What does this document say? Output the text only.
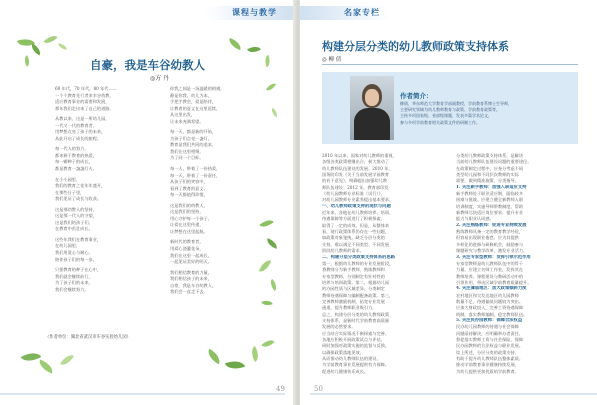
课程与教学
自豪，我是车谷幼教人
◎方 丹
60 年代，70 年代，80 年代……
一个个教育先行者来幸谷幼教，
适应教育事业的需要和发展，
那年我们走出来了自己的道路。
从教以来，这是一所幼儿园，
一代又一代的教育者，
用梦想点亮了孩子的未来，
从此开启了成长的旅程。
每一代人的努力，
都来源于教育的热爱，
每一颗种子的成长，
都是教育一盏盏灯火。
在小小园里，
我们的教育之花年年盛开，
在那些日子里，
我们见证了成长与收获。
这是那幼教人的坚持，
这是那一代人的守望，
这是我们的孩子们，
在教育中茁壮成长。
这些年我们在教育事业，
在幼儿园里，
我们用爱心与耐心，
陪伴孩子们的每一步。
只要教育的种子在心中，
我们就会继续前行，
为了孩子们的未来，
我们会继续努力。
你我之间是一场温暖的相遇，
静是你我，幼儿为本，
手把手教会，爱是陪伴，
让教育的意义在这里延续，
从这里出发，
让未来充满希望。
每一天，都是新的开始，
为孩子们点亮一盏灯，
教育是我们共同的追求，
我们在这里相聚，
为了同一个目标。
每一人，带着了一份热爱，
每一天，带着了一份责任，
从孩子们的笑容中，
看到了教育的意义，
每一天都值得珍惜。
这是我们的幼教人，
这是我们的坚持，
用心守护每一个孩子，
让爱在这里传递，
让梦想在这里起航。
新时代的教育者，
用爱心浇灌花朵，
我们在这里一起成长，
一起见证美好的明天。
我们相信教育的力量，
我们相信孩子的未来，
自豪，我是车谷幼教人，
我们会一直走下去。
（作者单位：湖北省武汉市车谷实验幼儿园）
49
名家专栏
50
构建分层分类的幼儿教师政策支持体系
◎ 柳 倩
作者简介：
柳倩，华东师范大学教育学部副教授，学前教育系博士生导师，
主要研究领域为幼儿教师教育与政策、学前教育政策等。
主持多项国家级、省部级课题，发表多篇学术论文，
参与多项学前教育相关政策文件的研制工作。
2010 年以来，国家对幼儿教师的重视，
各级各类政策相继出台，极大推动了
幼儿教师队伍建设的发展。2010 年，
国务院印发《关于当前发展学前教育
的若干意见》，明确提出加强幼儿教
师队伍建设；2012 年，教育部印发
《幼儿园教师专业标准（试行）》，
对幼儿园教师专业素养提出基本要求。
一、幼儿教师政策支持的现状与问题
近年来，各地在幼儿教师培养、培训、
待遇保障等方面进行了积极探索，
取得了一定的成效。但是，从整体来
看，现行政策体系仍存在一些问题，
如政策对象笼统，缺乏分层分类的
支持，难以满足不同类型、不同发展
阶段幼儿教师的需求。
二、构建分层分类政策支持体系的思路
第一，根据幼儿教师的专业发展阶段，
将教师分为新手教师、熟练教师和
专家型教师，分别制定有针对性的
培养与培训政策。第二，根据幼儿园
的办园性质与区域差异，分类制定
教师待遇保障与编制配备政策。第三，
完善教师激励机制，拓宽专业发展
通道，提升教师职业吸引力。
总之，构建分层分类的幼儿教师政策
支持体系，是新时代学前教育高质量
发展的必然要求。
应当结合实际情况不断探索与完善。
各地应积极开展政策试点与评估。
同时加强对政策实施的监督与反馈。
以确保政策落地见效。
从而推动幼儿教师队伍的建设。
为学前教育事业发展提供有力保障。
促进幼儿健康快乐成长。
分类幼儿教师政策支持体系，是解决
当前幼儿教师队伍建设问题的重要途径。
在政策制定过程中，应充分考虑不同
类型幼儿园和不同层次教师的实际
需要，做到精准施策、分类指导。
1. 关注新手教师：加强入职适应支持
新手教师处于职业适应期，面临较多
困难与挑战。应建立健全新教师入职
培训制度，实施导师带教制度，帮助
新教师尽快适应岗位要求，提升专业
能力与职业认同感。
2. 关注熟练教师：促进专业持续发展
熟练教师具备一定的教育教学经验，
但容易出现职业倦怠。应为其提供
多样化的进修与研修机会，鼓励参与
课题研究与教学改革，激发专业活力。
3. 关注专家型教师：发挥引领示范作用
专家型教师是幼儿教师队伍中的骨干
力量。应建立名师工作室，发挥其在
教师培养、课程建设与教研活动中的
引领作用，带动区域学前教育质量提升。
4. 关注薄弱地区：加大政策倾斜力度
农村地区和欠发达地区幼儿园教师
数量不足、待遇偏低问题较为突出。
应加大财政投入，完善工资待遇保障
机制，落实教师编制，稳定教师队伍。
5. 关注民办园教师：保障合法权益
民办幼儿园教师的待遇与社会保障
问题亟待解决。应明确举办者责任，
督促落实教师工资与社会保险，保障
民办园教师的合法权益与职业发展。
综上所述，分层分类的政策支持，
有助于提升幼儿教师队伍整体素质。
推动学前教育事业健康持续发展。
为幼儿提供更加优质的学前教育。
